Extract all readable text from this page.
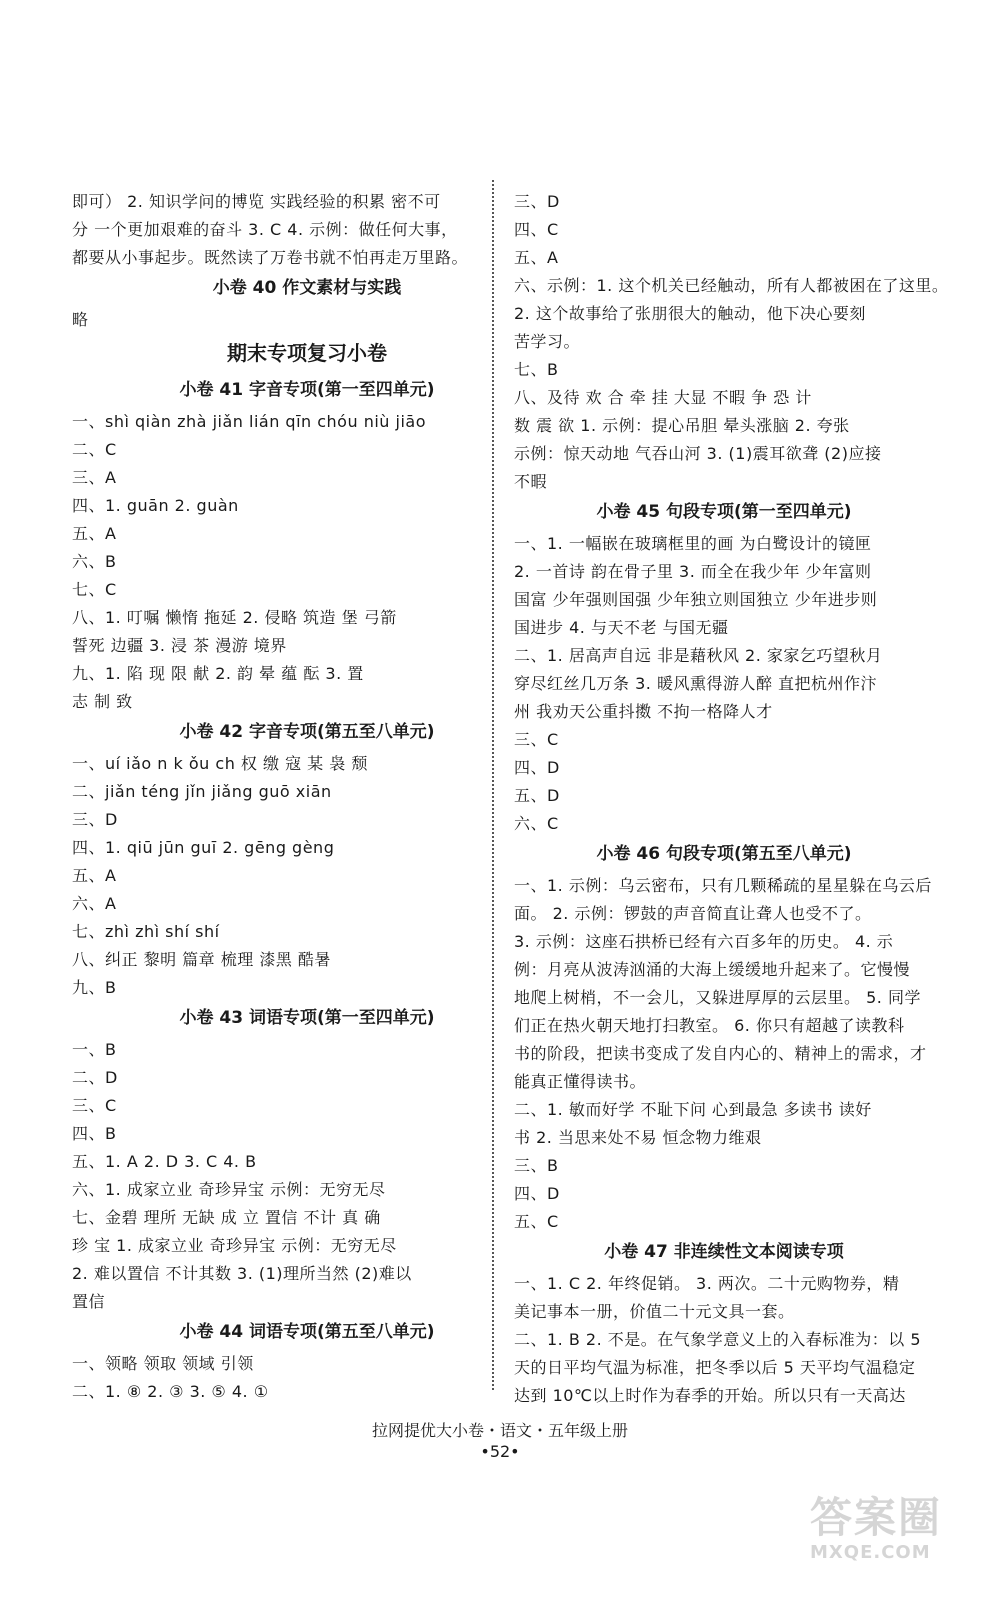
即可） 2. 知识学问的博览 实践经验的积累 密不可
分 一个更加艰难的奋斗 3. C 4. 示例：做任何大事，
都要从小事起步。既然读了万卷书就不怕再走万里路。
小卷 40 作文素材与实践
略
期末专项复习小卷
小卷 41 字音专项(第一至四单元)
一、shì qiàn zhà jiǎn lián qīn chóu niù jiāo
二、C
三、A
四、1. guān 2. guàn
五、A
六、B
七、C
八、1. 叮嘱 懒惰 拖延 2. 侵略 筑造 堡 弓箭
誓死 边疆 3. 浸 茶 漫游 境界
九、1. 陷 现 限 献 2. 韵 晕 蕴 酝 3. 置
志 制 致
小卷 42 字音专项(第五至八单元)
一、uí iǎo n k ǒu ch 权 缴 寇 某 袅 颓
二、jiǎn téng jǐn jiǎng guō xiān
三、D
四、1. qiū jūn guī 2. gēng gèng
五、A
六、A
七、zhì zhì shí shí
八、纠正 黎明 篇章 梳理 漆黑 酷暑
九、B
小卷 43 词语专项(第一至四单元)
一、B
二、D
三、C
四、B
五、1. A 2. D 3. C 4. B
六、1. 成家立业 奇珍异宝 示例：无穷无尽
七、金碧 理所 无缺 成 立 置信 不计 真 确
珍 宝 1. 成家立业 奇珍异宝 示例：无穷无尽
2. 难以置信 不计其数 3. (1)理所当然 (2)难以
置信
小卷 44 词语专项(第五至八单元)
一、领略 领取 领域 引领
二、1. ⑧ 2. ③ 3. ⑤ 4. ①
三、D
四、C
五、A
六、示例：1. 这个机关已经触动，所有人都被困在了这里。
2. 这个故事给了张朋很大的触动，他下决心要刻
苦学习。
七、B
八、及待 欢 合 牵 挂 大显 不暇 争 恐 计
数 震 欲 1. 示例：提心吊胆 晕头涨脑 2. 夸张
示例：惊天动地 气吞山河 3. (1)震耳欲聋 (2)应接
不暇
小卷 45 句段专项(第一至四单元)
一、1. 一幅嵌在玻璃框里的画 为白鹭设计的镜匣
2. 一首诗 韵在骨子里 3. 而全在我少年 少年富则
国富 少年强则国强 少年独立则国独立 少年进步则
国进步 4. 与天不老 与国无疆
二、1. 居高声自远 非是藉秋风 2. 家家乞巧望秋月
穿尽红丝几万条 3. 暖风熏得游人醉 直把杭州作汴
州 我劝天公重抖擞 不拘一格降人才
三、C
四、D
五、D
六、C
小卷 46 句段专项(第五至八单元)
一、1. 示例：乌云密布，只有几颗稀疏的星星躲在乌云后
面。 2. 示例：锣鼓的声音简直让聋人也受不了。
3. 示例：这座石拱桥已经有六百多年的历史。 4. 示
例：月亮从波涛汹涌的大海上缓缓地升起来了。它慢慢
地爬上树梢，不一会儿，又躲进厚厚的云层里。 5. 同学
们正在热火朝天地打扫教室。 6. 你只有超越了读教科
书的阶段，把读书变成了发自内心的、精神上的需求，才
能真正懂得读书。
二、1. 敏而好学 不耻下问 心到最急 多读书 读好
书 2. 当思来处不易 恒念物力维艰
三、B
四、D
五、C
小卷 47 非连续性文本阅读专项
一、1. C 2. 年终促销。 3. 两次。二十元购物券，精
美记事本一册，价值二十元文具一套。
二、1. B 2. 不是。在气象学意义上的入春标准为：以 5
天的日平均气温为标准，把冬季以后 5 天平均气温稳定
达到 10℃以上时作为春季的开始。所以只有一天高达
拉网提优大小卷・语文・五年级上册
•52•
答案圈
MXQE.COM
